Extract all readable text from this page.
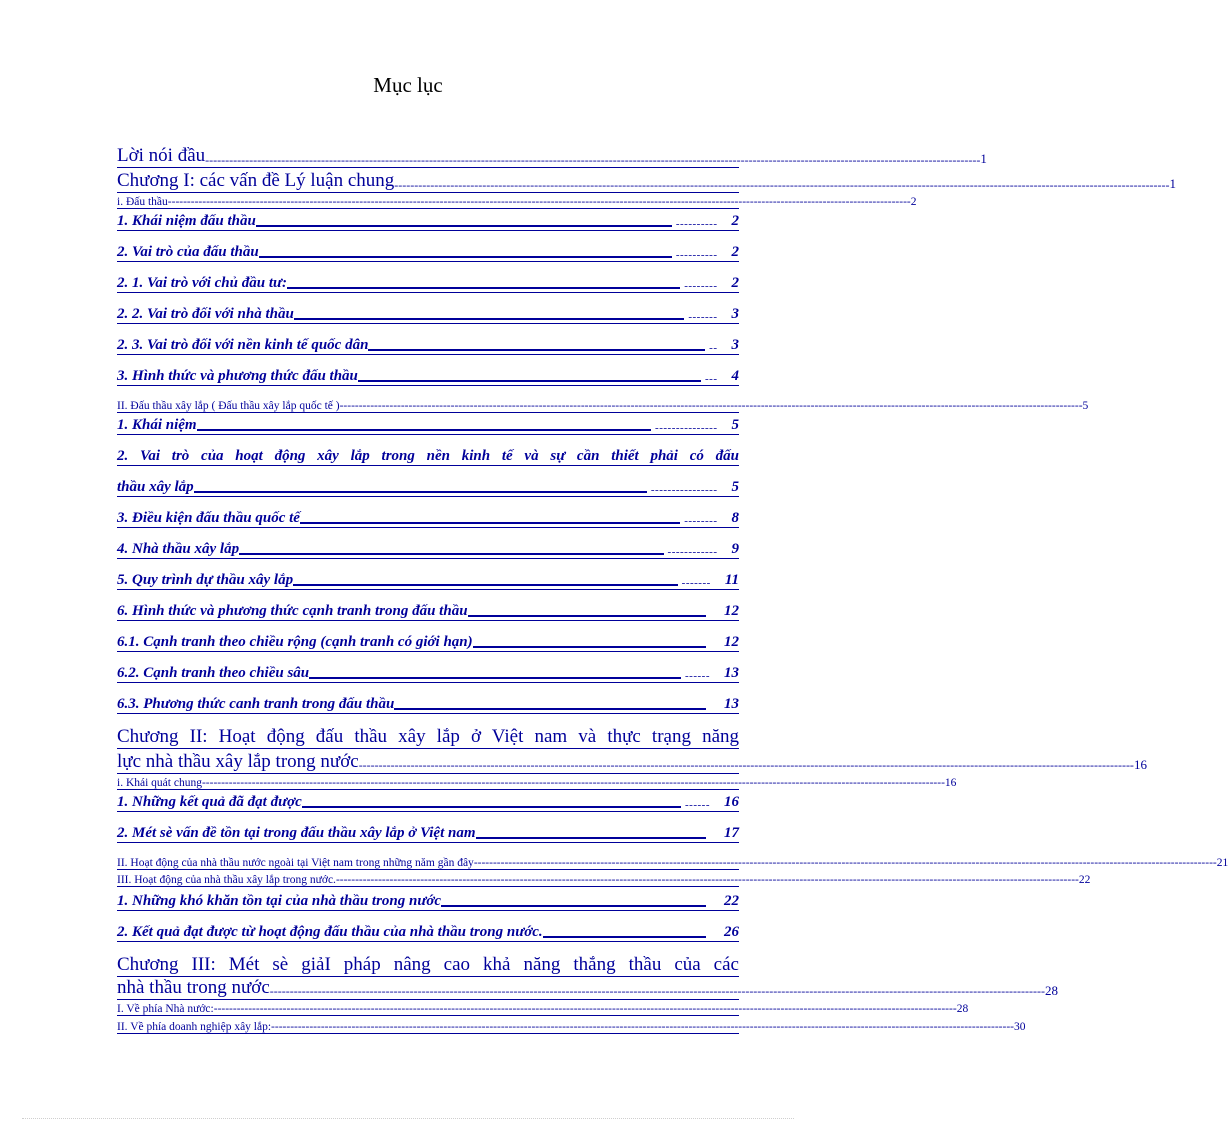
Mục lục
Lời nói đầu -------------------------------------------------------------------------------------------------------------------------------------------------------------------------------------------------- 1
Chương I: các vấn đề Lý luận chung -------------------------------------------------------------------------------------------------------------------------------------------------------------------------------------------------- 1
i. Đấu thầu -------------------------------------------------------------------------------------------------------------------------------------------------------------------------------------------------- 2
1. Khái niệm đấu thầu	---------- 2
2. Vai trò của đấu thầu	---------- 2
2. 1. Vai trò với chủ đầu tư:	-------- 2
2. 2. Vai trò đối với nhà thầu	------- 3
2. 3. Vai trò đối với nền kinh tế quốc dân	-- 3
3. Hình thức và phương thức đấu thầu	--- 4
II. Đấu thầu xây lắp ( Đấu thầu xây lắp quốc tế ) -------------------------------------------------------------------------------------------------------------------------------------------------------------------------------------------------- 5
1. Khái niệm	--------------- 5
2. Vai trò của hoạt động xây lắp trong nền kinh tế và sự cần thiết phải có đấu
thầu xây lắp	---------------- 5
3. Điều kiện đấu thầu quốc tế	-------- 8
4. Nhà thầu xây lắp	------------ 9
5. Quy trình dự thầu xây lắp	------- 11
6. Hình thức và phương thức cạnh tranh trong đấu thầu	12
6.1. Cạnh tranh theo chiều rộng (cạnh tranh có giới hạn)	12
6.2. Cạnh tranh theo chiều sâu	------ 13
6.3. Phương thức canh tranh trong đấu thầu	13
Chương II: Hoạt động đấu thầu xây lắp ở Việt nam và thực trạng năng
lực nhà thầu xây lắp trong nước -------------------------------------------------------------------------------------------------------------------------------------------------------------------------------------------------- 16
i. Khái quát chung -------------------------------------------------------------------------------------------------------------------------------------------------------------------------------------------------- 16
1. Những kết quả đã đạt được	------ 16
2. Mét sè vấn đề tồn tại trong đấu thầu xây lắp ở Việt nam	17
II. Hoạt động của nhà thầu nước ngoài tại Việt nam trong những năm gần đây -------------------------------------------------------------------------------------------------------------------------------------------------------------------------------------------------- 21
III. Hoạt động của nhà thầu xây lắp trong nước. -------------------------------------------------------------------------------------------------------------------------------------------------------------------------------------------------- 22
1. Những khó khăn tồn tại của nhà thầu trong nước	22
2. Kết quả đạt được từ hoạt động đấu thầu của nhà thầu trong nước.	26
Chương III: Mét sè giảI pháp nâng cao khả năng thắng thầu của các
nhà thầu trong nước -------------------------------------------------------------------------------------------------------------------------------------------------------------------------------------------------- 28
I. Về phía Nhà nước: -------------------------------------------------------------------------------------------------------------------------------------------------------------------------------------------------- 28
II. Về phía doanh nghiệp xây lắp: -------------------------------------------------------------------------------------------------------------------------------------------------------------------------------------------------- 30
